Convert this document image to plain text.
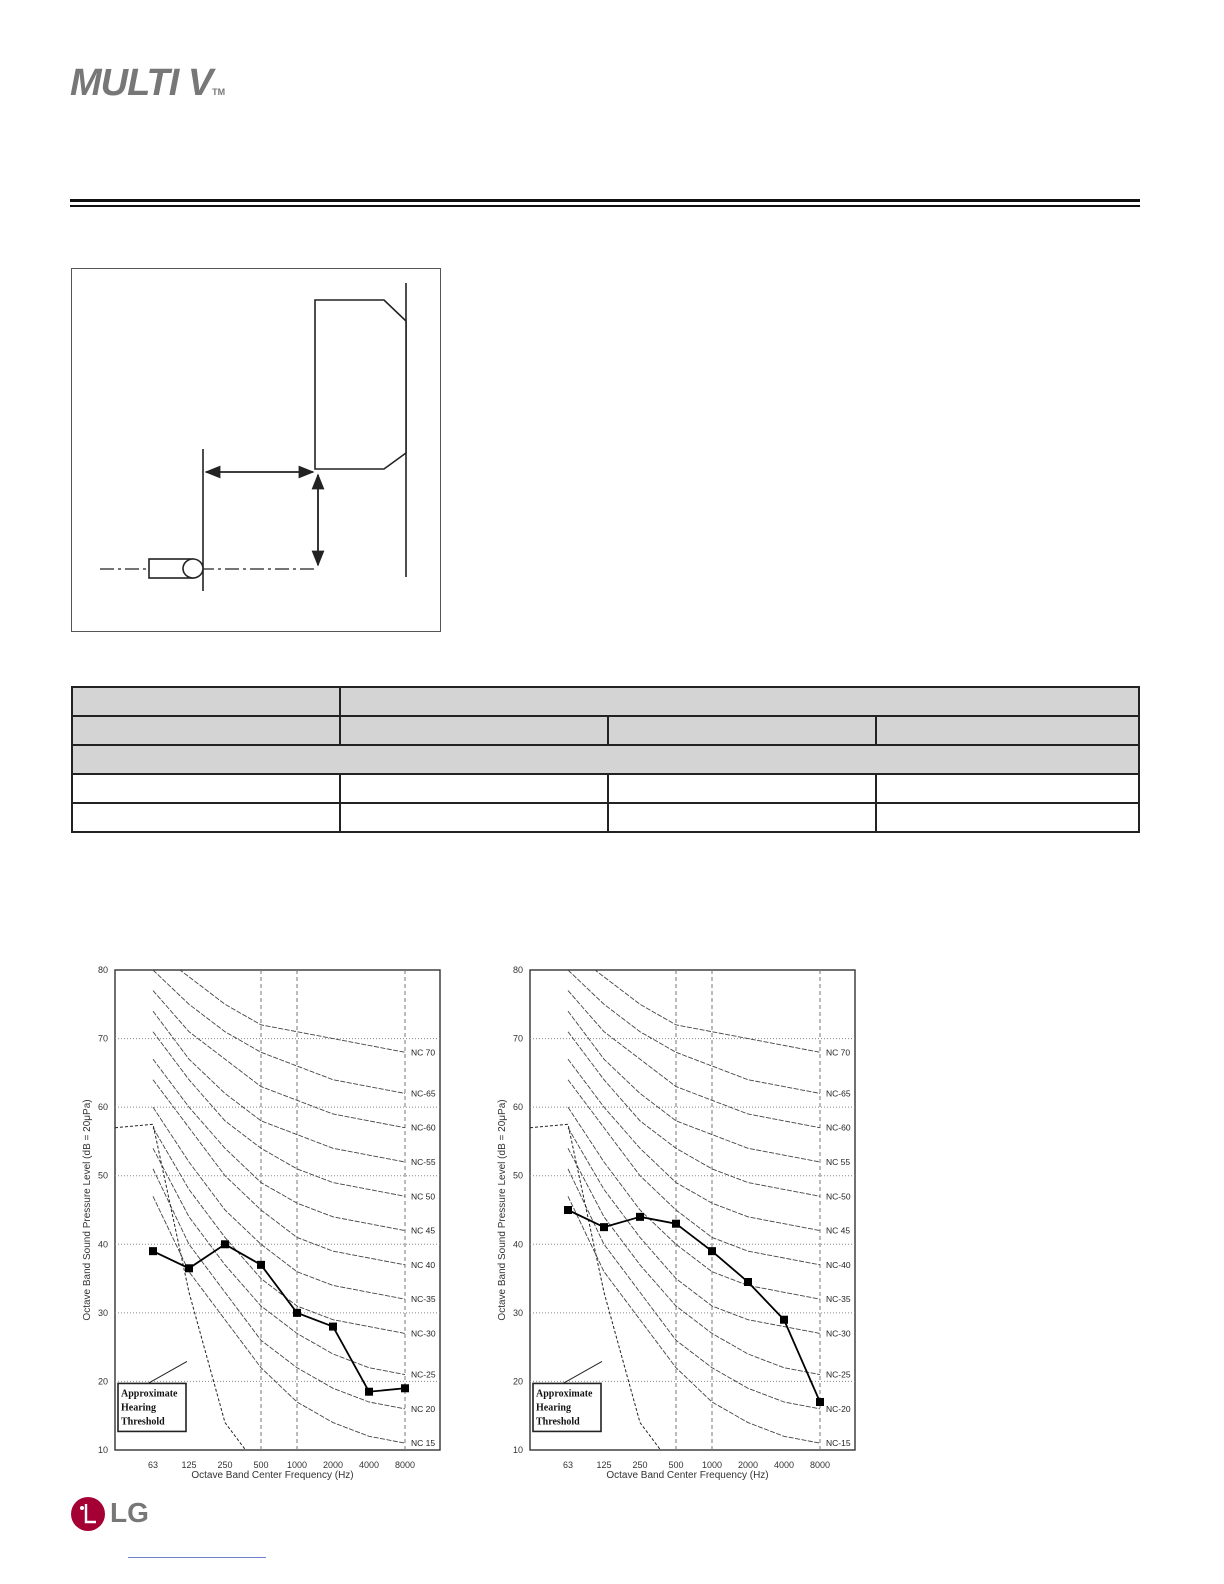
MULTI VTM

10
20
30
40
50
60
70
80
63	125 250 500 1000 2000 4000 8000
Octave Band Center Frequency (Hz)
Octave Band Sound Pressure Level (dB = 20μPa)
NC 70
NC-65
NC-60
NC-55
NC 50
NC 45
NC 40
NC-35
NC-30
NC-25
NC 20
NC 15
Approximate
Hearing
Threshold
10
20
30
40
50
60
70
80
63	125 250 500 1000 2000 4000 8000
Octave Band Center Frequency (Hz)
Octave Band Sound Pressure Level (dB = 20μPa)
NC 70
NC-65
NC-60
NC 55
NC-50
NC 45
NC-40
NC-35
NC-30
NC-25
NC-20
NC-15
Approximate
Hearing
Threshold
LG
